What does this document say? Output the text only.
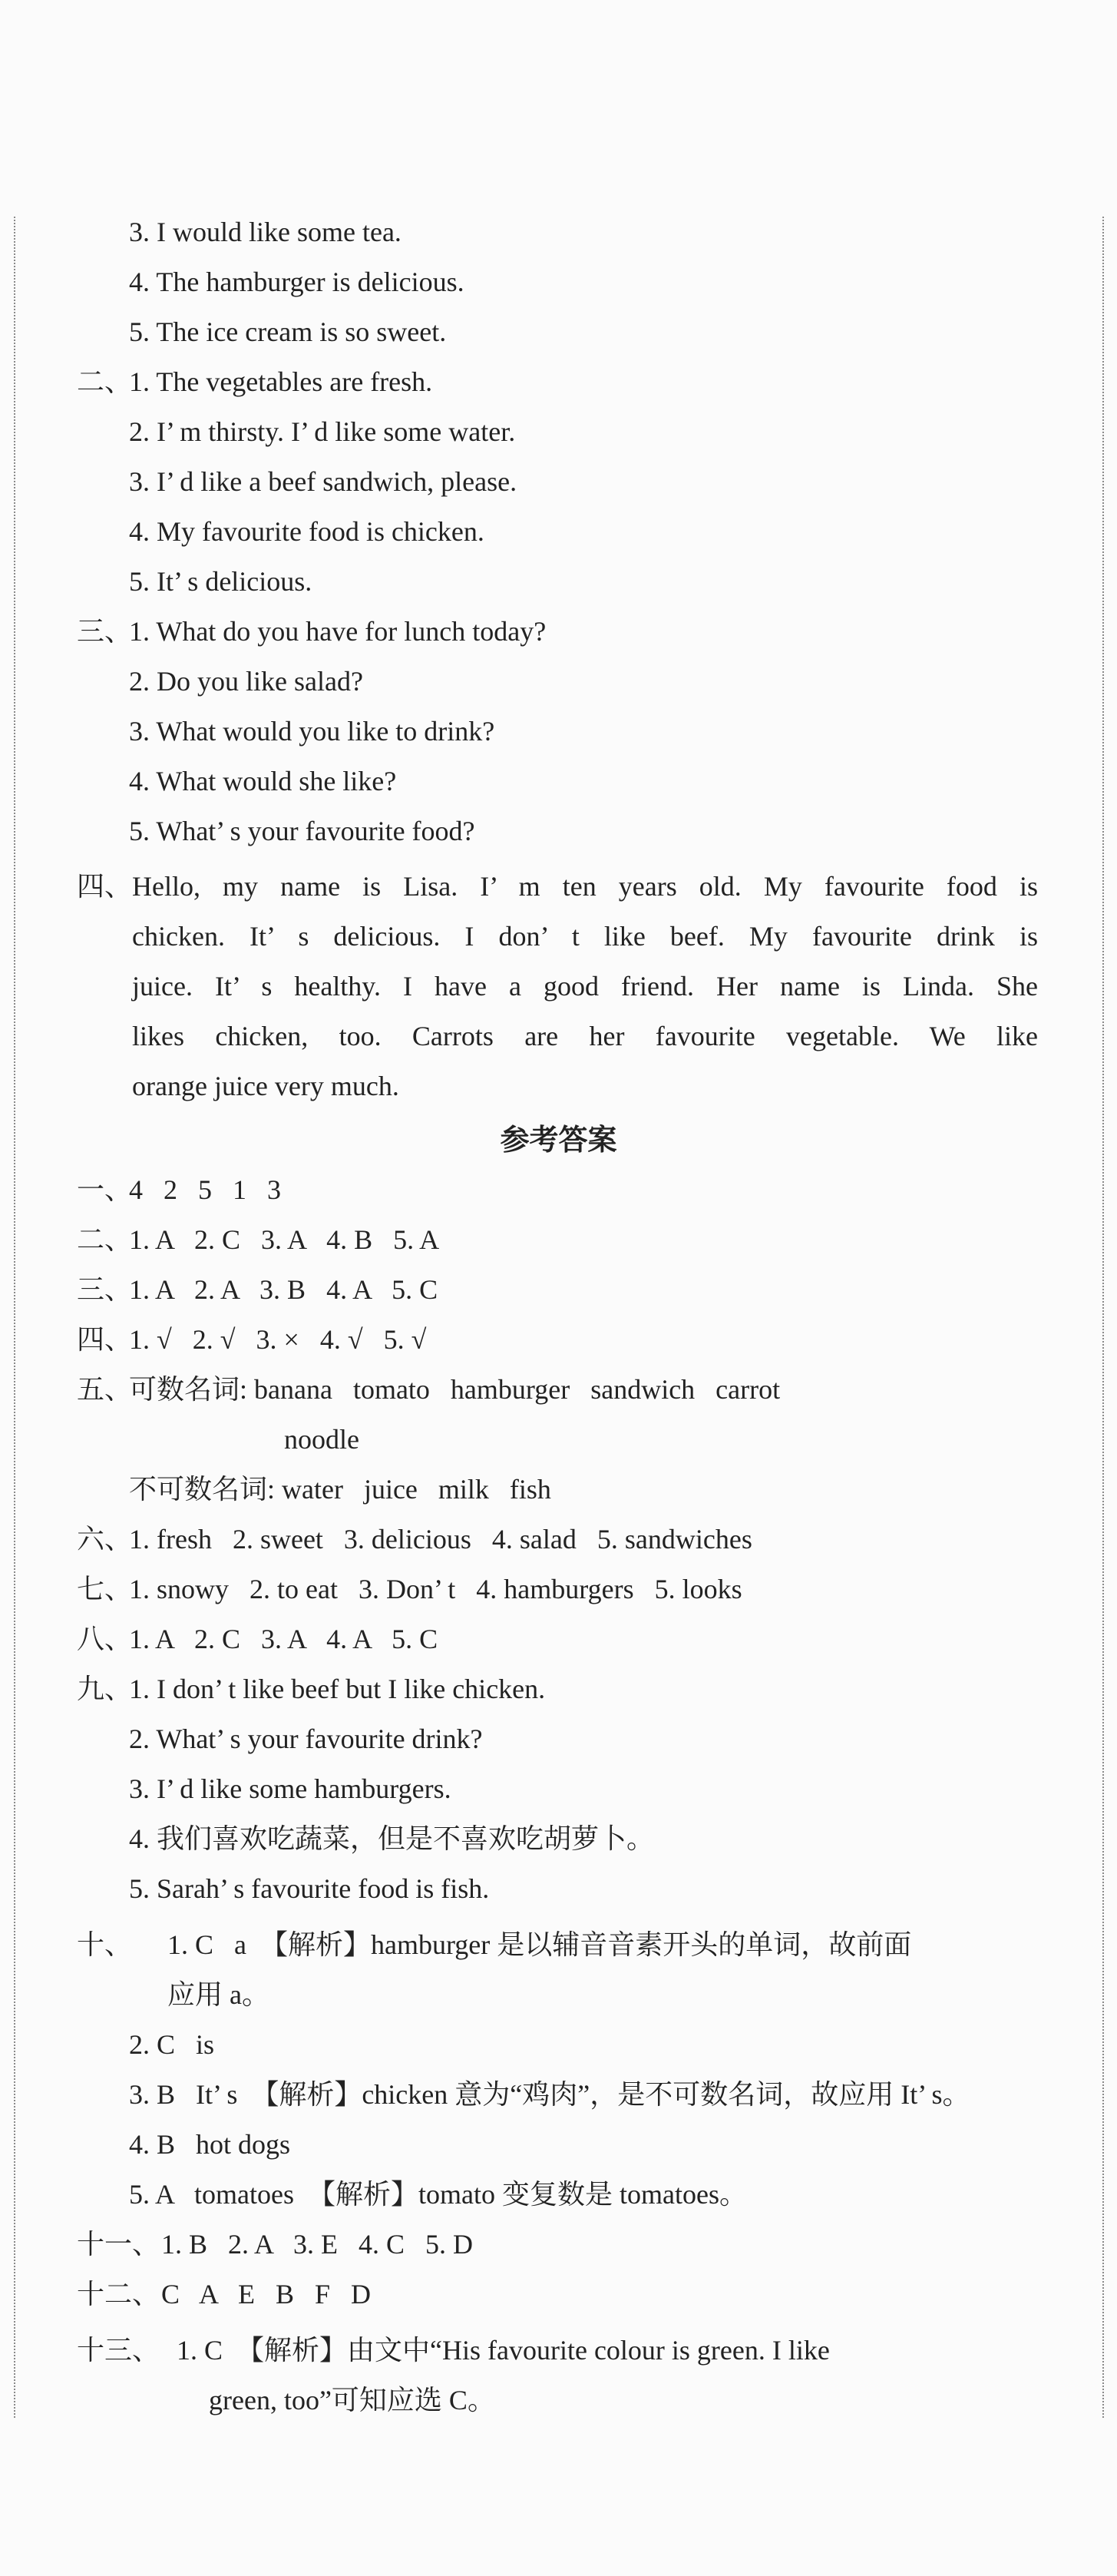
3. I would like some tea.
4. The hamburger is delicious.
5. The ice cream is so sweet.
二、
1. The vegetables are fresh.
2. I’ m thirsty. I’ d like some water.
3. I’ d like a beef sandwich, please.
4. My favourite food is chicken.
5. It’ s delicious.
三、
1. What do you have for lunch today?
2. Do you like salad?
3. What would you like to drink?
4. What would she like?
5. What’ s your favourite food?
四、 Hello, my name is Lisa. I’ m ten years old. My favourite food is
chicken. It’ s delicious. I don’ t like beef. My favourite drink is
juice. It’ s healthy. I have a good friend. Her name is Linda. She
likes chicken, too. Carrots are her favourite vegetable. We like
orange juice very much.
参考答案
一、
4   2   5   1   3
二、
1. A   2. C   3. A   4. B   5. A
三、
1. A   2. A   3. B   4. A   5. C
四、
1. √   2. √   3. ×   4. √   5. √
五、
可数名词: banana   tomato   hamburger   sandwich   carrot
noodle
不可数名词: water   juice   milk   fish
六、
1. fresh   2. sweet   3. delicious   4. salad   5. sandwiches
七、
1. snowy   2. to eat   3. Don’ t   4. hamburgers   5. looks
八、
1. A   2. C   3. A   4. A   5. C
九、
1. I don’ t like beef but I like chicken.
2. What’ s your favourite drink?
3. I’ d like some hamburgers.
4. 我们喜欢吃蔬菜，但是不喜欢吃胡萝卜。
5. Sarah’ s favourite food is fish.
十、 1. C   a  【解析】hamburger 是以辅音音素开头的单词，故前面
应用 a。
2. C   is
3. B   It’ s  【解析】chicken 意为“鸡肉”，是不可数名词，故应用 It’ s。
4. B   hot dogs
5. A   tomatoes  【解析】tomato 变复数是 tomatoes。
十一、 1. B   2. A   3. E   4. C   5. D
十二、 C   A   E   B   F   D
十三、 1. C  【解析】由文中“His favourite colour is green. I like
green, too”可知应选 C。
